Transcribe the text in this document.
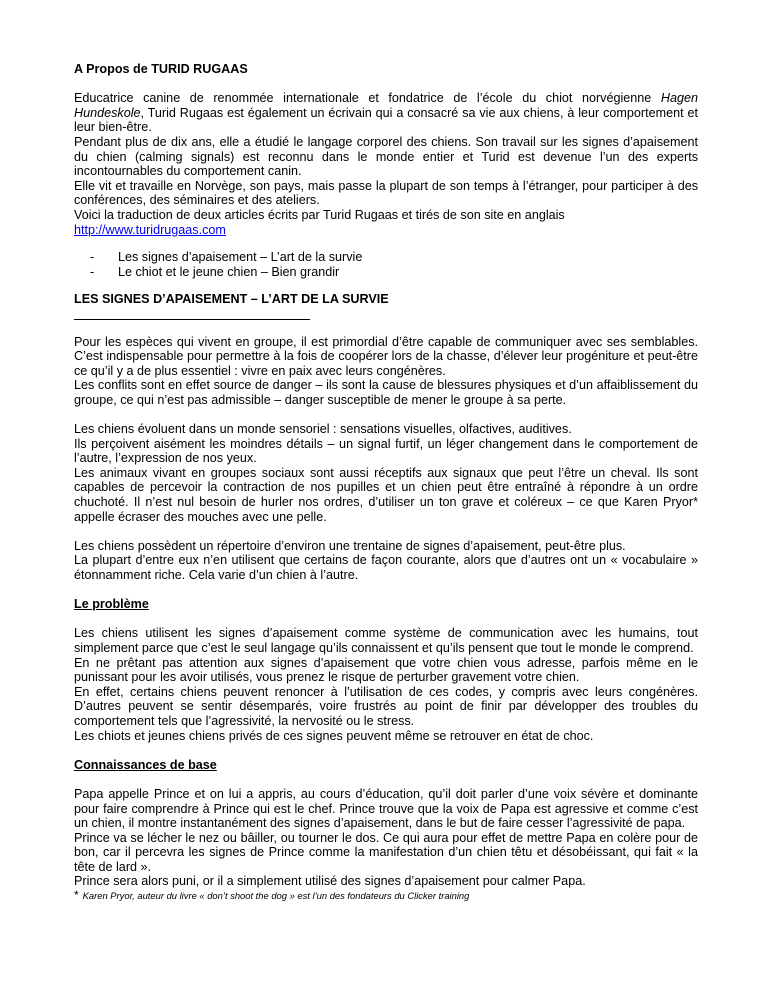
A Propos de TURID RUGAAS

Educatrice canine de renommée internationale et fondatrice de l’école du chiot norvégienne Hagen Hundeskole, Turid Rugaas est également un écrivain qui a consacré sa vie aux chiens, à leur comportement et leur bien-être.

Pendant plus de dix ans, elle a étudié le langage corporel des chiens. Son travail sur les signes d’apaisement du chien (calming signals) est reconnu dans le monde entier et Turid est devenue l’un des experts incontournables du comportement canin.

Elle vit et travaille en Norvège, son pays, mais passe la plupart de son temps à l’étranger, pour participer à des conférences, des séminaires et des ateliers.

Voici la traduction de deux articles écrits par Turid Rugaas et tirés de son site en anglais

http://www.turidrugaas.com

- Les signes d’apaisement – L’art de la survie
- Le chiot et le jeune chien – Bien grandir

LES SIGNES D’APAISEMENT – L’ART DE LA SURVIE

Pour les espèces qui vivent en groupe, il est primordial d’être capable de communiquer avec ses semblables. C’est indispensable pour permettre à la fois de coopérer lors de la chasse, d’élever leur progéniture et peut-être ce qu’il y a de plus essentiel : vivre en paix avec leurs congénères.

Les conflits sont en effet source de danger – ils sont la cause de blessures physiques et d’un affaiblissement du groupe, ce qui n’est pas admissible – danger susceptible de mener le groupe à sa perte.

Les chiens évoluent dans un monde sensoriel : sensations visuelles, olfactives, auditives.

Ils perçoivent aisément les moindres détails – un signal furtif, un léger changement dans le comportement de l’autre, l’expression de nos yeux.

Les animaux vivant en groupes sociaux sont aussi réceptifs aux signaux que peut l’être un cheval. Ils sont capables de percevoir la contraction de nos pupilles et un chien peut être entraîné à répondre à un ordre chuchoté. Il n’est nul besoin de hurler nos ordres, d’utiliser un ton grave et coléreux – ce que Karen Pryor* appelle écraser des mouches avec une pelle.

Les chiens possèdent un répertoire d’environ une trentaine de signes d’apaisement, peut-être plus.

La plupart d’entre eux n’en utilisent que certains de façon courante, alors que d’autres ont un « vocabulaire » étonnamment riche. Cela varie d’un chien à l’autre.

Le problème

Les chiens utilisent les signes d’apaisement comme système de communication avec les humains, tout simplement parce que c’est le seul langage qu’ils connaissent et qu’ils pensent que tout le monde le comprend.

En ne prêtant pas attention aux signes d’apaisement que votre chien vous adresse, parfois même en le punissant pour les avoir utilisés, vous prenez le risque de perturber gravement votre chien.

En effet, certains chiens peuvent renoncer à l’utilisation de ces codes, y compris avec leurs congénères. D’autres peuvent se sentir désemparés, voire frustrés au point de finir par développer des troubles du comportement tels que l’agressivité, la nervosité ou le stress.

Les chiots et jeunes chiens privés de ces signes peuvent même se retrouver en état de choc.

Connaissances de base

Papa appelle Prince et on lui a appris, au cours d’éducation, qu’il doit parler d’une voix sévère et dominante pour faire comprendre à Prince qui est le chef. Prince trouve que la voix de Papa est agressive et comme c’est un chien, il montre instantanément des signes d’apaisement, dans le but de faire cesser l’agressivité de papa.

Prince va se lécher le nez ou bâiller, ou tourner le dos. Ce qui aura pour effet de mettre Papa en colère pour de bon, car il percevra les signes de Prince comme la manifestation d’un chien têtu et désobéissant, qui fait « la tête de lard ».

Prince sera alors puni, or il a simplement utilisé des signes d’apaisement pour calmer Papa.

* Karen Pryor, auteur du livre « don’t shoot the dog » est l’un des fondateurs du Clicker training
